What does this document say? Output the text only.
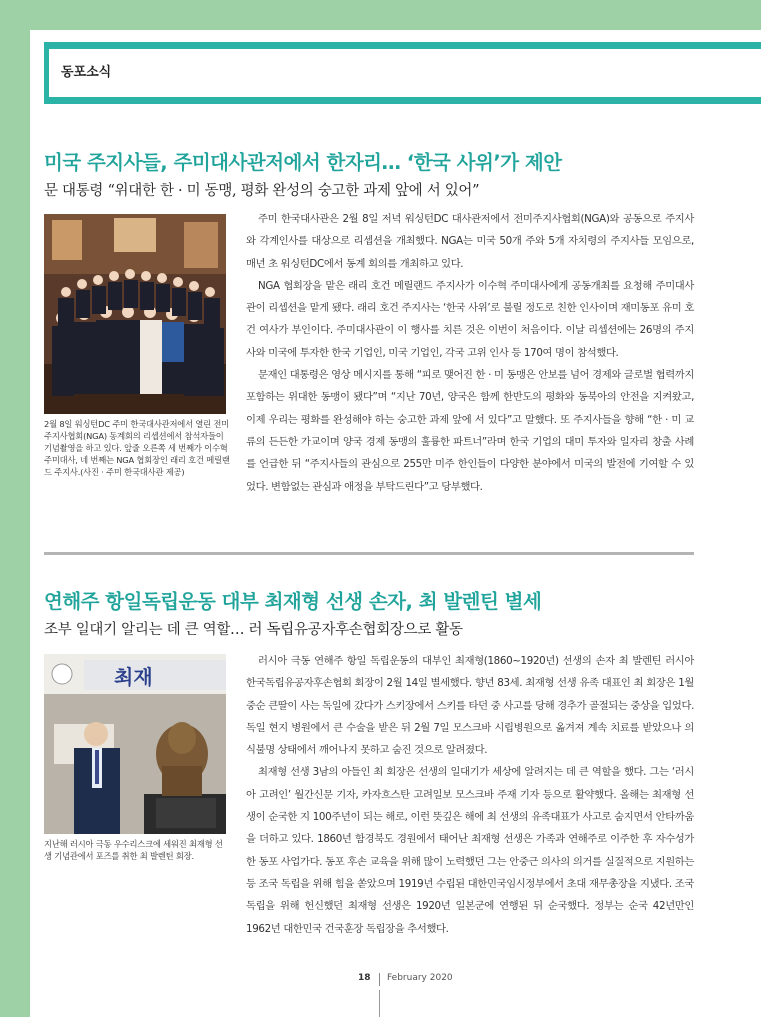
동포소식
미국 주지사들, 주미대사관저에서 한자리… ‘한국 사위’가 제안
문 대통령 “위대한 한 · 미 동맹, 평화 완성의 숭고한 과제 앞에 서 있어”
2월 8일 워싱턴DC 주미 한국대사관저에서 열린 전미주지사협회(NGA) 동계회의 리셉션에서 참석자들이 기념촬영을 하고 있다. 앞줄 오른쪽 세 번째가 이수혁 주미대사, 네 번째는 NGA 협회장인 래리 호건 메릴랜드 주지사.(사진 · 주미 한국대사관 제공)

주미 한국대사관은 2월 8일 저녁 워싱턴DC 대사관저에서 전미주지사협회(NGA)와 공동으로 주지사와 각계인사를 대상으로 리셉션을 개최했다. NGA는 미국 50개 주와 5개 자치령의 주지사들 모임으로, 매년 초 워싱턴DC에서 동계 회의를 개최하고 있다.

NGA 협회장을 맡은 래리 호건 메릴랜드 주지사가 이수혁 주미대사에게 공동개최를 요청해 주미대사관이 리셉션을 맡게 됐다. 래리 호건 주지사는 ‘한국 사위’로 불릴 정도로 친한 인사이며 재미동포 유미 호건 여사가 부인이다. 주미대사관이 이 행사를 치른 것은 이번이 처음이다. 이날 리셉션에는 26명의 주지사와 미국에 투자한 한국 기업인, 미국 기업인, 각국 고위 인사 등 170여 명이 참석했다.

문재인 대통령은 영상 메시지를 통해 “피로 맺어진 한 · 미 동맹은 안보를 넘어 경제와 글로벌 협력까지 포함하는 위대한 동맹이 됐다”며 “지난 70년, 양국은 함께 한반도의 평화와 동북아의 안전을 지켜왔고, 이제 우리는 평화를 완성해야 하는 숭고한 과제 앞에 서 있다”고 말했다. 또 주지사들을 향해 “한 · 미 교류의 든든한 가교이며 양국 경제 동맹의 훌륭한 파트너”라며 한국 기업의 대미 투자와 일자리 창출 사례를 언급한 뒤 “주지사들의 관심으로 255만 미주 한인들이 다양한 분야에서 미국의 발전에 기여할 수 있었다. 변함없는 관심과 애정을 부탁드린다”고 당부했다.

연해주 항일독립운동 대부 최재형 선생 손자, 최 발렌틴 별세
조부 일대기 알리는 데 큰 역할… 러 독립유공자후손협회장으로 활동
최재
지난해 러시아 극동 우수리스크에 세워진 최재형 선생 기념관에서 포즈를 취한 최 발렌틴 회장.

러시아 극동 연해주 항일 독립운동의 대부인 최재형(1860~1920년) 선생의 손자 최 발렌틴 러시아 한국독립유공자후손협회 회장이 2월 14일 별세했다. 향년 83세. 최재형 선생 유족 대표인 최 회장은 1월 중순 큰딸이 사는 독일에 갔다가 스키장에서 스키를 타던 중 사고를 당해 경추가 골절되는 중상을 입었다. 독일 현지 병원에서 큰 수술을 받은 뒤 2월 7일 모스크바 시립병원으로 옮겨져 계속 치료를 받았으나 의식불명 상태에서 깨어나지 못하고 숨진 것으로 알려졌다.

최재형 선생 3남의 아들인 최 회장은 선생의 일대기가 세상에 알려지는 데 큰 역할을 했다. 그는 ‘러시아 고려인’ 월간신문 기자, 카자흐스탄 고려일보 모스크바 주재 기자 등으로 활약했다. 올해는 최재형 선생이 순국한 지 100주년이 되는 해로, 이런 뜻깊은 해에 최 선생의 유족대표가 사고로 숨지면서 안타까움을 더하고 있다. 1860년 함경북도 경원에서 태어난 최재형 선생은 가족과 연해주로 이주한 후 자수성가한 동포 사업가다. 동포 후손 교육을 위해 많이 노력했던 그는 안중근 의사의 의거를 실질적으로 지원하는 등 조국 독립을 위해 힘을 쏟았으며 1919년 수립된 대한민국임시정부에서 초대 재무총장을 지냈다. 조국 독립을 위해 헌신했던 최재형 선생은 1920년 일본군에 연행된 뒤 순국했다. 정부는 순국 42년만인 1962년 대한민국 건국훈장 독립장을 추서했다.

18 February 2020
